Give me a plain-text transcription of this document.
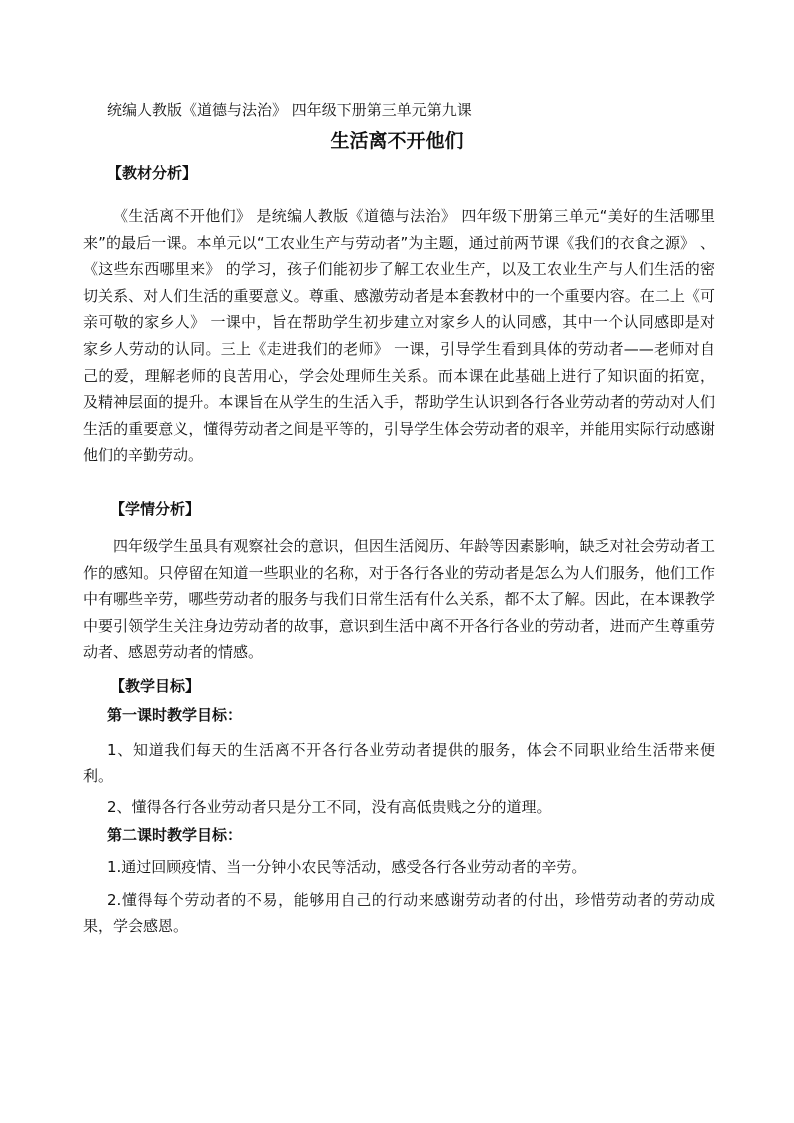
统编人教版《道德与法治》 四年级下册第三单元第九课
生活离不开他们
【教材分析】

《生活离不开他们》 是统编人教版《道德与法治》 四年级下册第三单元“美好的生活哪里来”的最后一课。本单元以“工农业生产与劳动者”为主题，通过前两节课《我们的衣食之源》 、《这些东西哪里来》 的学习，孩子们能初步了解工农业生产，以及工农业生产与人们生活的密切关系、对人们生活的重要意义。尊重、感激劳动者是本套教材中的一个重要内容。在二上《可亲可敬的家乡人》 一课中，旨在帮助学生初步建立对家乡人的认同感，其中一个认同感即是对家乡人劳动的认同。三上《走进我们的老师》 一课，引导学生看到具体的劳动者——老师对自己的爱，理解老师的良苦用心，学会处理师生关系。而本课在此基础上进行了知识面的拓宽， 及精神层面的提升。本课旨在从学生的生活入手，帮助学生认识到各行各业劳动者的劳动对人们生活的重要意义，懂得劳动者之间是平等的，引导学生体会劳动者的艰辛，并能用实际行动感谢他们的辛勤劳动。

【学情分析】

四年级学生虽具有观察社会的意识，但因生活阅历、年龄等因素影响，缺乏对社会劳动者工作的感知。只停留在知道一些职业的名称，对于各行各业的劳动者是怎么为人们服务，他们工作中有哪些辛劳，哪些劳动者的服务与我们日常生活有什么关系，都不太了解。因此，在本课教学中要引领学生关注身边劳动者的故事，意识到生活中离不开各行各业的劳动者，进而产生尊重劳动者、感恩劳动者的情感。

【教学目标】
第一课时教学目标：

1、知道我们每天的生活离不开各行各业劳动者提供的服务，体会不同职业给生活带来便利。

2、懂得各行各业劳动者只是分工不同，没有高低贵贱之分的道理。

第二课时教学目标：

1.通过回顾疫情、当一分钟小农民等活动，感受各行各业劳动者的辛劳。

2.懂得每个劳动者的不易，能够用自己的行动来感谢劳动者的付出，珍惜劳动者的劳动成果，学会感恩。
